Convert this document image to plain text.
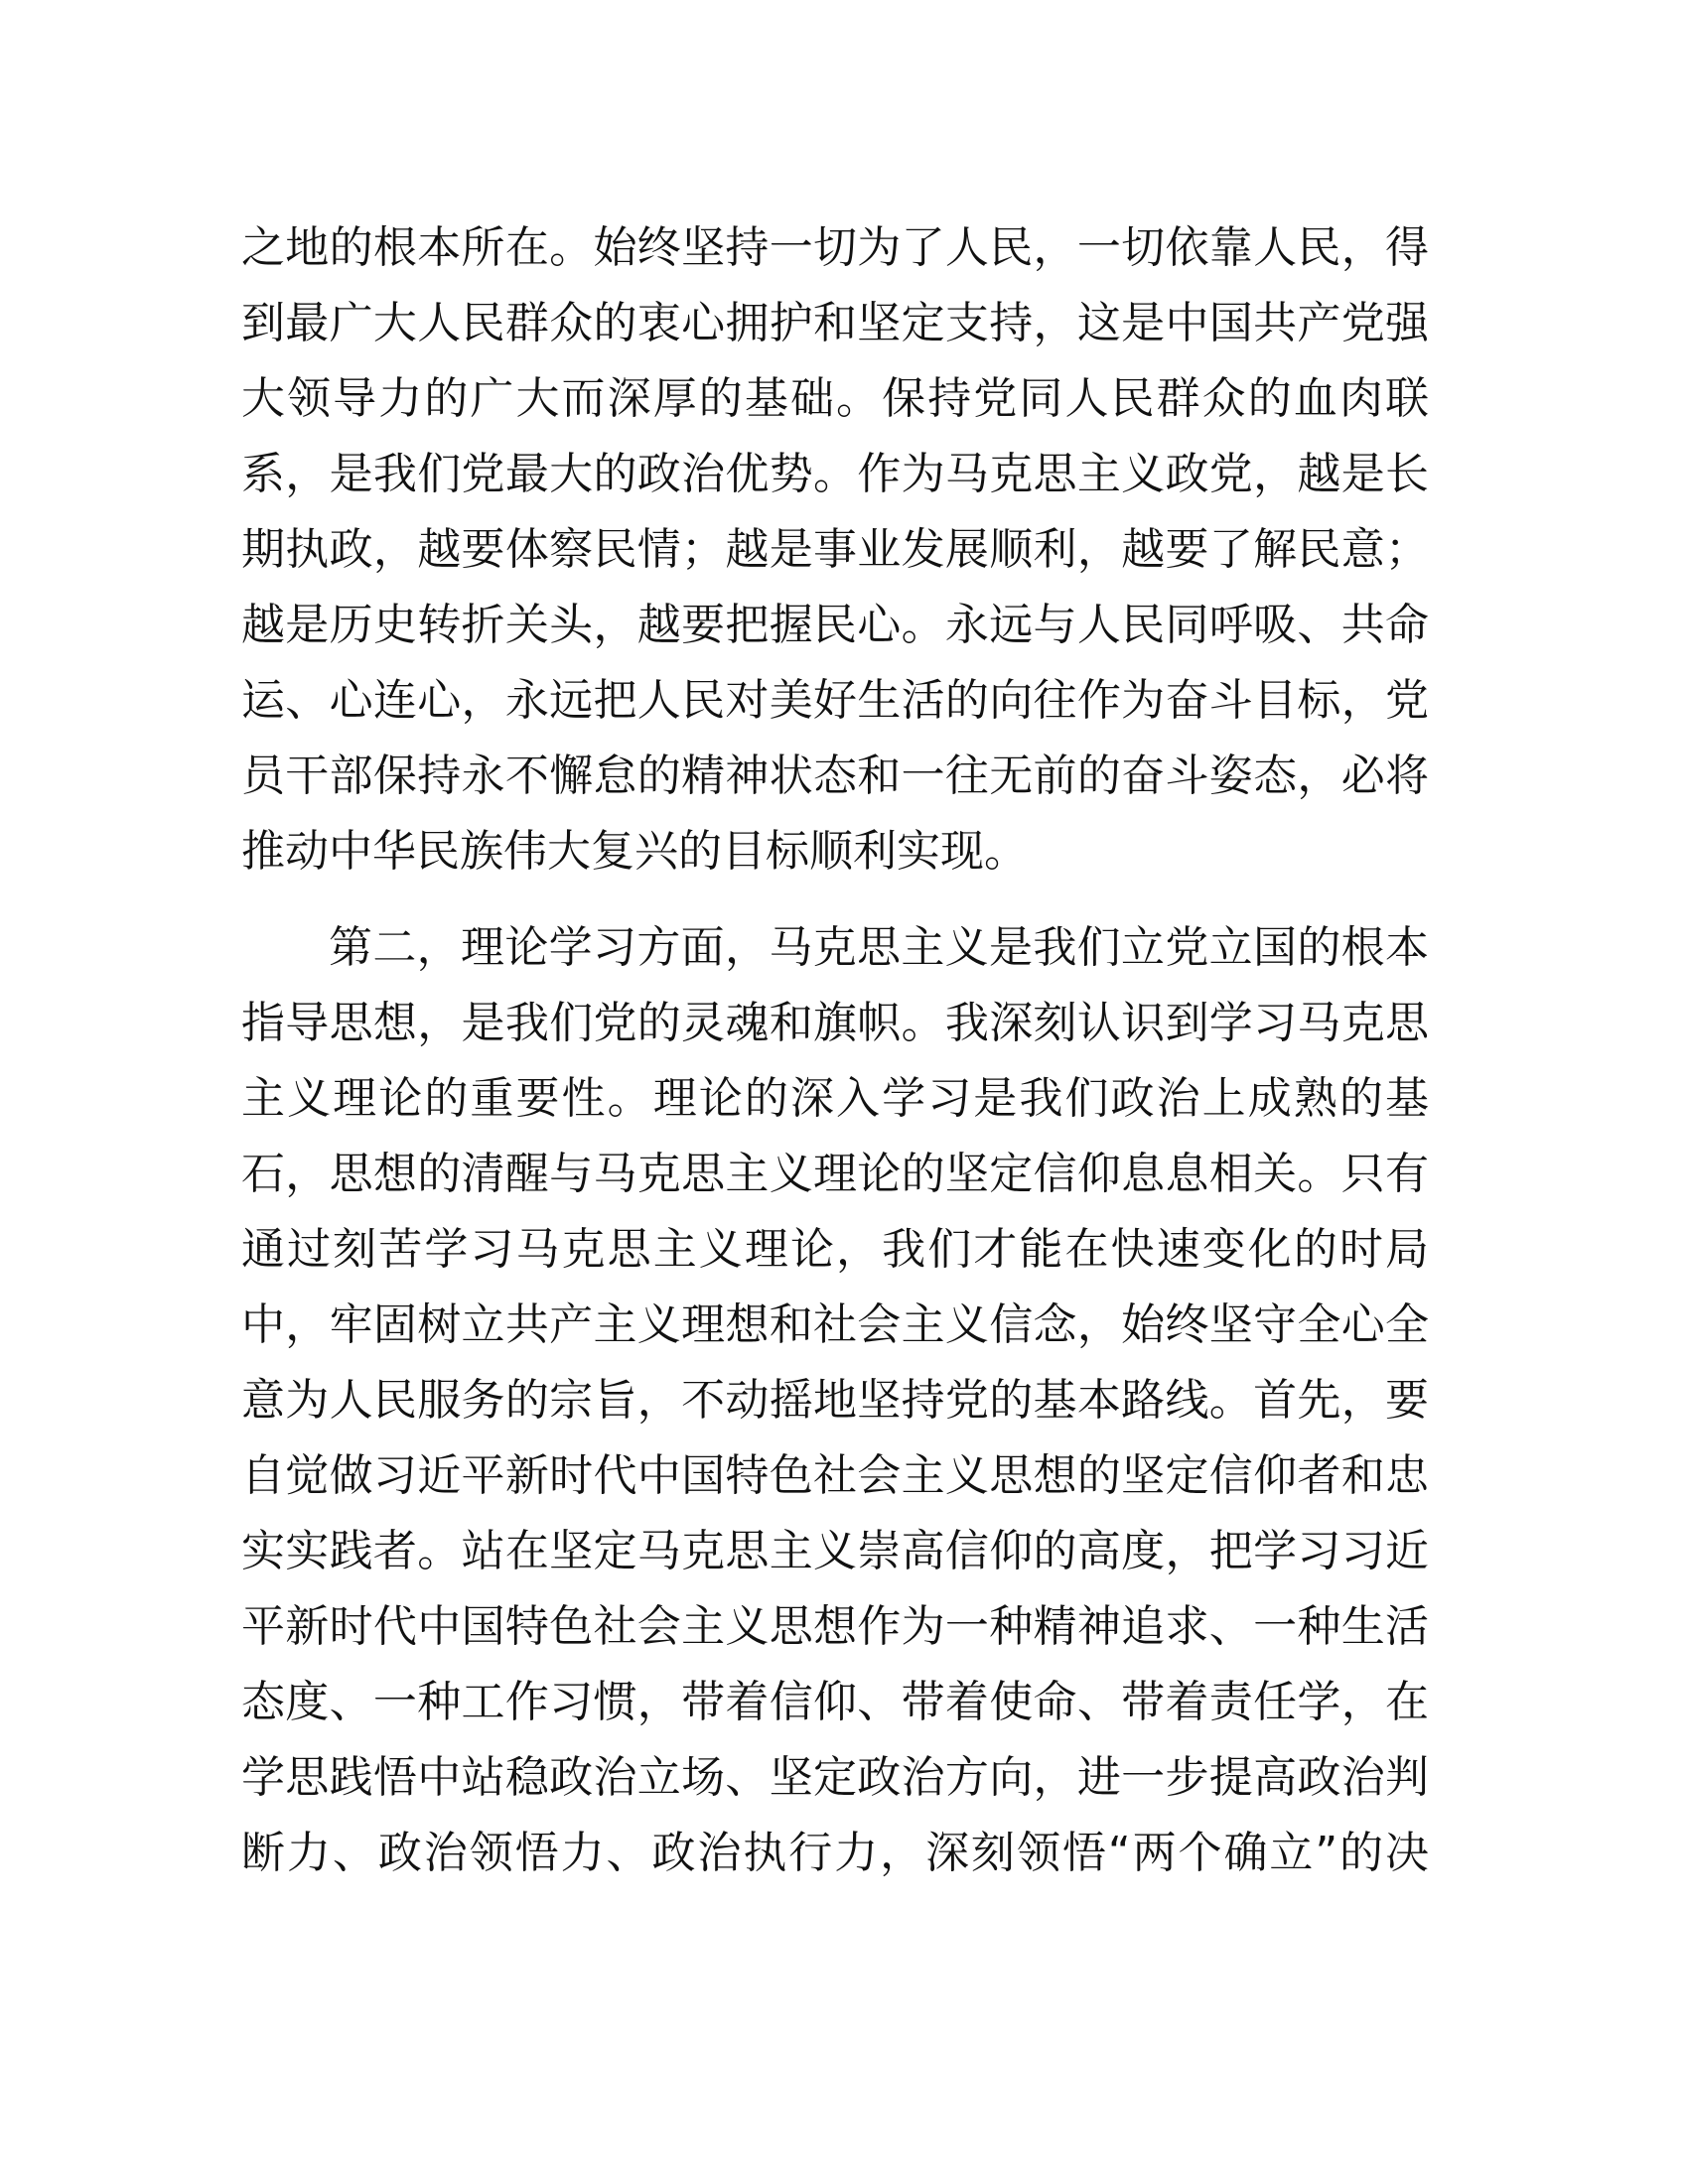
之地的根本所在。始终坚持一切为了人民，一切依靠人民，得
到最广大人民群众的衷心拥护和坚定支持，这是中国共产党强
大领导力的广大而深厚的基础。保持党同人民群众的血肉联
系，是我们党最大的政治优势。作为马克思主义政党，越是长
期执政，越要体察民情；越是事业发展顺利，越要了解民意；
越是历史转折关头，越要把握民心。永远与人民同呼吸、共命
运、心连心，永远把人民对美好生活的向往作为奋斗目标，党
员干部保持永不懈怠的精神状态和一往无前的奋斗姿态，必将
推动中华民族伟大复兴的目标顺利实现。
第二，理论学习方面，马克思主义是我们立党立国的根本
指导思想，是我们党的灵魂和旗帜。我深刻认识到学习马克思
主义理论的重要性。理论的深入学习是我们政治上成熟的基
石，思想的清醒与马克思主义理论的坚定信仰息息相关。只有
通过刻苦学习马克思主义理论，我们才能在快速变化的时局
中，牢固树立共产主义理想和社会主义信念，始终坚守全心全
意为人民服务的宗旨，不动摇地坚持党的基本路线。首先，要
自觉做习近平新时代中国特色社会主义思想的坚定信仰者和忠
实实践者。站在坚定马克思主义崇高信仰的高度，把学习习近
平新时代中国特色社会主义思想作为一种精神追求、一种生活
态度、一种工作习惯，带着信仰、带着使命、带着责任学，在
学思践悟中站稳政治立场、坚定政治方向，进一步提高政治判
断力、政治领悟力、政治执行力，深刻领悟“两个确立”的决
